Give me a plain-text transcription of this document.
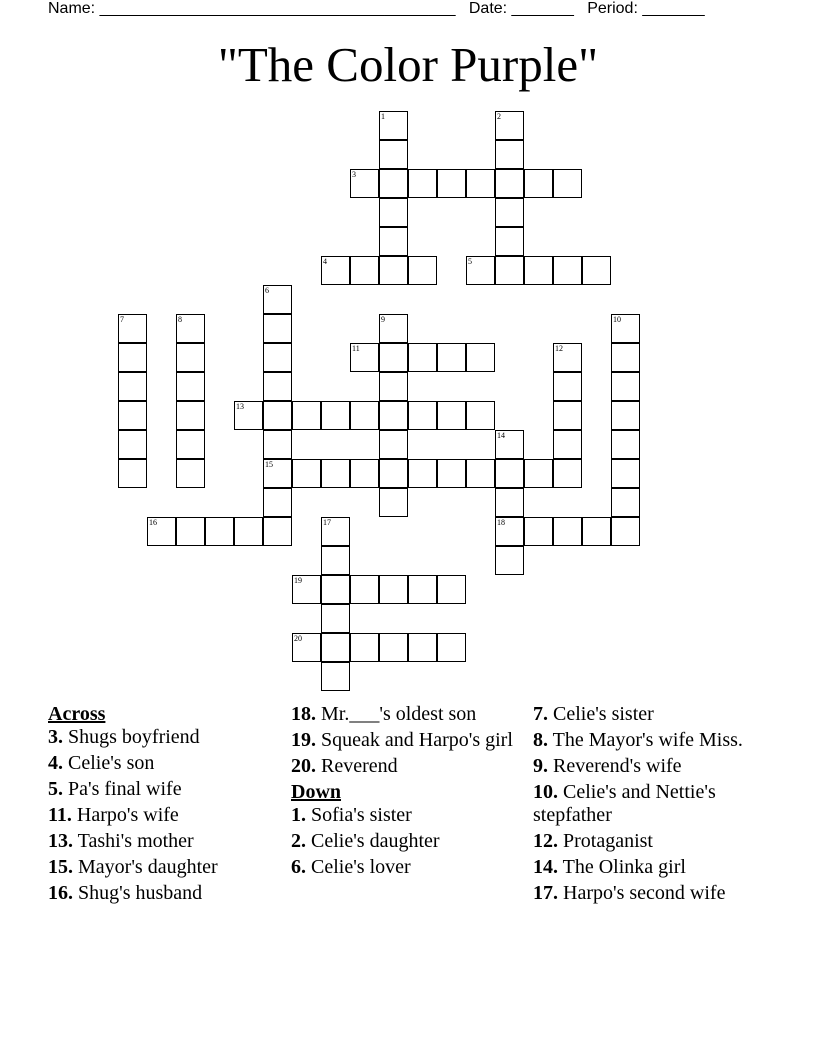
Name: ________________________________________ Date: _______ Period: _______
"The Color Purple"
1	2
3
4	5
6
15
7	8	9	10
11	12
13
14
18
16	17
19
20
Across
3. Shugs boyfriend
4. Celie's son
5. Pa's final wife
11. Harpo's wife
13. Tashi's mother
15. Mayor's daughter
16. Shug's husband
18. Mr.___'s oldest son
19. Squeak and Harpo's girl
20. Reverend
Down
1. Sofia's sister
2. Celie's daughter
6. Celie's lover
7. Celie's sister
8. The Mayor's wife Miss.
9. Reverend's wife
10. Celie's and Nettie's stepfather
12. Protaganist
14. The Olinka girl
17. Harpo's second wife
